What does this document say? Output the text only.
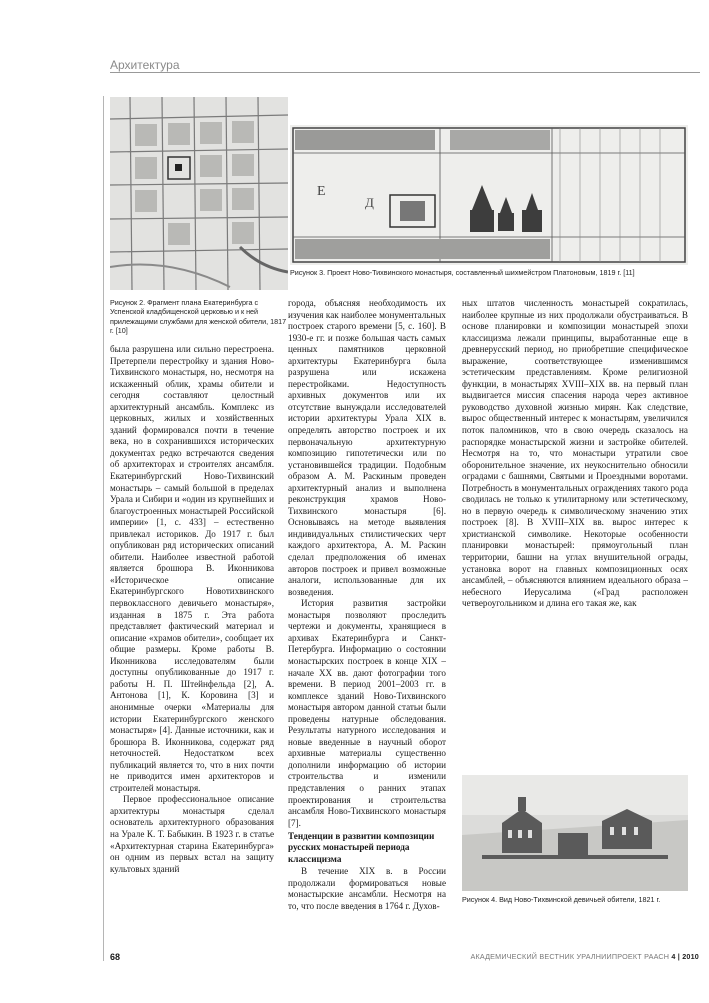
Архитектура
Рисунок 2. Фрагмент плана Екатеринбурга с Успенской кладбищенской церковью и к ней прилежащими службами для женской обители, 1817 г. [10]
E
Д
Рисунок 3. Проект Ново-Тихвинского монастыря, составленный шихмейстром Платоновым, 1819 г. [11]

была разрушена или сильно перестроена. Претерпели перестройку и здания Ново-Тихвинского монастыря, но, несмотря на искаженный облик, храмы обители и сегодня составляют целостный архитектурный ансамбль. Комплекс из церковных, жилых и хозяйственных зданий формировался почти в течение века, но в сохранившихся исторических документах редко встречаются сведения об архитекторах и строителях ансамбля. Екатеринбургский Ново-Тихвинский монастырь – самый большой в пределах Урала и Сибири и «один из крупнейших и благоустроенных монастырей Российской империи» [1, с. 433] – естественно привлекал историков. До 1917 г. был опубликован ряд исторических описаний обители. Наиболее известной работой является брошюра В. Иконникова «Историческое описание Екатеринбургского Новотихвинского первоклассного девичьего монастыря», изданная в 1875 г. Эта работа представляет фактический материал и описание «храмов обители», сообщает их общие размеры. Кроме работы В. Иконникова исследователям были доступны опубликованные до 1917 г. работы Н. П. Штейнфельда [2], А. Антонова [1], К. Коровина [3] и анонимные очерки «Материалы для истории Екатеринбургского женского монастыря» [4]. Данные источники, как и брошюра В. Иконникова, содержат ряд неточностей. Недостатком всех публикаций является то, что в них почти не приводится имен архитекторов и строителей монастыря.

Первое профессиональное описание архитектуры монастыря сделал основатель архитектурного образования на Урале К. Т. Бабыкин. В 1923 г. в статье «Архитектурная старина Екатеринбурга» он одним из первых встал на защиту культовых зданий

города, объясняя необходимость их изучения как наиболее монументальных построек старого времени [5, с. 160]. В 1930-е гг. и позже большая часть самых ценных памятников церковной архитектуры Екатеринбурга была разрушена или искажена перестройками. Недоступность архивных документов или их отсутствие вынуждали исследователей истории архитектуры Урала XIX в. определять авторство построек и их первоначальную архитектурную композицию гипотетически или по установившейся традиции. Подобным образом А. М. Раскиным проведен архитектурный анализ и выполнена реконструкция храмов Ново-Тихвинского монастыря [6]. Основываясь на методе выявления индивидуальных стилистических черт каждого архитектора, А. М. Раскин сделал предположения об именах авторов построек и привел возможные аналоги, использованные для их возведения.

История развития застройки монастыря позволяют проследить чертежи и документы, хранящиеся в архивах Екатеринбурга и Санкт-Петербурга. Информацию о состоянии монастырских построек в конце XIX – начале XX вв. дают фотографии того времени. В период 2001–2003 гг. в комплексе зданий Ново-Тихвинского монастыря автором данной статьи были проведены натурные обследования. Результаты натурного исследования и новые введенные в научный оборот архивные материалы существенно дополнили информацию об истории строительства и изменили представления о ранних этапах проектирования и строительства ансамбля Ново-Тихвинского монастыря [7].

Тенденции в развитии композиции русских монастырей периода классицизма

В течение XIX в. в России продолжали формироваться новые монастырские ансамбли. Несмотря на то, что после введения в 1764 г. Духов-

ных штатов численность монастырей сократилась, наиболее крупные из них продолжали обустраиваться. В основе планировки и композиции монастырей эпохи классицизма лежали принципы, выработанные еще в древнерусский период, но приобретшие специфическое выражение, соответствующее изменившимся эстетическим представлениям. Кроме религиозной функции, в монастырях XVIII–XIX вв. на первый план выдвигается миссия спасения народа через активное руководство духовной жизнью мирян. Как следствие, вырос общественный интерес к монастырям, увеличился поток паломников, что в свою очередь сказалось на распорядке монастырской жизни и застройке обителей. Несмотря на то, что монастыри утратили свое оборонительное значение, их неукоснительно обносили оградами с башнями, Святыми и Проездными воротами. Потребность в монументальных ограждениях такого рода сводилась не только к утилитарному или эстетическому, но в первую очередь к символическому значению этих построек [8]. В XVIII–XIX вв. вырос интерес к христианской символике. Некоторые особенности планировки монастырей: прямоугольный план территории, башни на углах внушительной ограды, установка ворот на главных композиционных осях ансамблей, – объясняются влиянием идеального образа – небесного Иерусалима («Град расположен четвероугольником и длина его такая же, как

Рисунок 4. Вид Ново-Тихвинской девичьей обители, 1821 г.
68	АКАДЕМИЧЕСКИЙ ВЕСТНИК УРАЛНИИПРОЕКТ РААСН 4 | 2010
